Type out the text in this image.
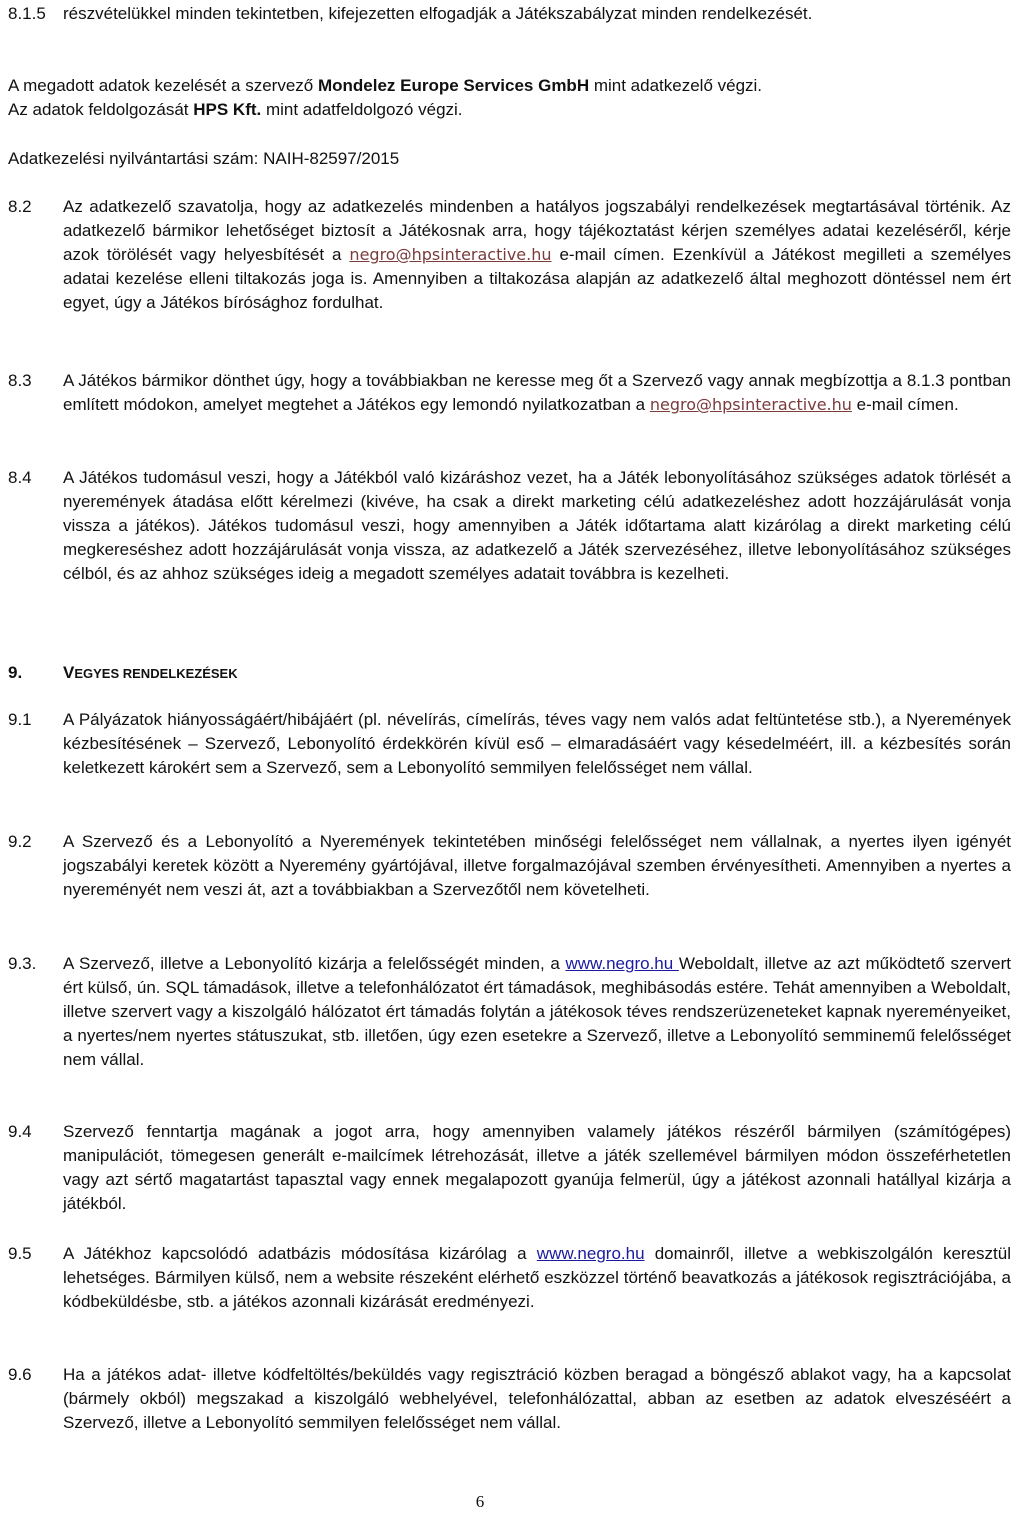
8.1.5 részvételükkel minden tekintetben, kifejezetten elfogadják a Játékszabályzat minden rendelkezését.
A megadott adatok kezelését a szervező Mondelez Europe Services GmbH mint adatkezelő végzi.
Az adatok feldolgozását HPS Kft. mint adatfeldolgozó végzi.
Adatkezelési nyilvántartási szám: NAIH-82597/2015
8.2 Az adatkezelő szavatolja, hogy az adatkezelés mindenben a hatályos jogszabályi rendelkezések megtartásával történik. Az adatkezelő bármikor lehetőséget biztosít a Játékosnak arra, hogy tájékoztatást kérjen személyes adatai kezeléséről, kérje azok törölését vagy helyesbítését a negro@hpsinteractive.hu e-mail címen. Ezenkívül a Játékost megilleti a személyes adatai kezelése elleni tiltakozás joga is. Amennyiben a tiltakozása alapján az adatkezelő által meghozott döntéssel nem ért egyet, úgy a Játékos bírósághoz fordulhat.
8.3 A Játékos bármikor dönthet úgy, hogy a továbbiakban ne keresse meg őt a Szervező vagy annak megbízottja a 8.1.3 pontban említett módokon, amelyet megtehet a Játékos egy lemondó nyilatkozatban a negro@hpsinteractive.hu e-mail címen.
8.4 A Játékos tudomásul veszi, hogy a Játékból való kizáráshoz vezet, ha a Játék lebonyolításához szükséges adatok törlését a nyeremények átadása előtt kérelmezi (kivéve, ha csak a direkt marketing célú adatkezeléshez adott hozzájárulását vonja vissza a játékos). Játékos tudomásul veszi, hogy amennyiben a Játék időtartama alatt kizárólag a direkt marketing célú megkereséshez adott hozzájárulását vonja vissza, az adatkezelő a Játék szervezéséhez, illetve lebonyolításához szükséges célból, és az ahhoz szükséges ideig a megadott személyes adatait továbbra is kezelheti.
9. VEGYES RENDELKEZÉSEK
9.1 A Pályázatok hiányosságáért/hibájáért (pl. névelírás, címelírás, téves vagy nem valós adat feltüntetése stb.), a Nyeremények kézbesítésének – Szervező, Lebonyolító érdekkörén kívül eső – elmaradásáért vagy késedelméért, ill. a kézbesítés során keletkezett károkért sem a Szervező, sem a Lebonyolító semmilyen felelősséget nem vállal.
9.2 A Szervező és a Lebonyolító a Nyeremények tekintetében minőségi felelősséget nem vállalnak, a nyertes ilyen igényét jogszabályi keretek között a Nyeremény gyártójával, illetve forgalmazójával szemben érvényesítheti. Amennyiben a nyertes a nyereményét nem veszi át, azt a továbbiakban a Szervezőtől nem követelheti.
9.3. A Szervező, illetve a Lebonyolító kizárja a felelősségét minden, a www.negro.hu Weboldalt, illetve az azt működtető szervert ért külső, ún. SQL támadások, illetve a telefonhálózatot ért támadások, meghibásodás estére. Tehát amennyiben a Weboldalt, illetve szervert vagy a kiszolgáló hálózatot ért támadás folytán a játékosok téves rendszerüzeneteket kapnak nyereményeiket, a nyertes/nem nyertes státuszukat, stb. illetően, úgy ezen esetekre a Szervező, illetve a Lebonyolító semminemű felelősséget nem vállal.
9.4 Szervező fenntartja magának a jogot arra, hogy amennyiben valamely játékos részéről bármilyen (számítógépes) manipulációt, tömegesen generált e-mailcímek létrehozását, illetve a játék szellemével bármilyen módon összeférhetetlen vagy azt sértő magatartást tapasztal vagy ennek megalapozott gyanúja felmerül, úgy a játékost azonnali hatállyal kizárja a játékból.
9.5 A Játékhoz kapcsolódó adatbázis módosítása kizárólag a www.negro.hu domainről, illetve a webkiszolgálón keresztül lehetséges. Bármilyen külső, nem a website részeként elérhető eszközzel történő beavatkozás a játékosok regisztrációjába, a kódbeküldésbe, stb. a játékos azonnali kizárását eredményezi.
9.6 Ha a játékos adat- illetve kódfeltöltés/beküldés vagy regisztráció közben beragad a böngésző ablakot vagy, ha a kapcsolat (bármely okból) megszakad a kiszolgáló webhelyével, telefonhálózattal, abban az esetben az adatok elveszéséért a Szervező, illetve a Lebonyolító semmilyen felelősséget nem vállal.
6
